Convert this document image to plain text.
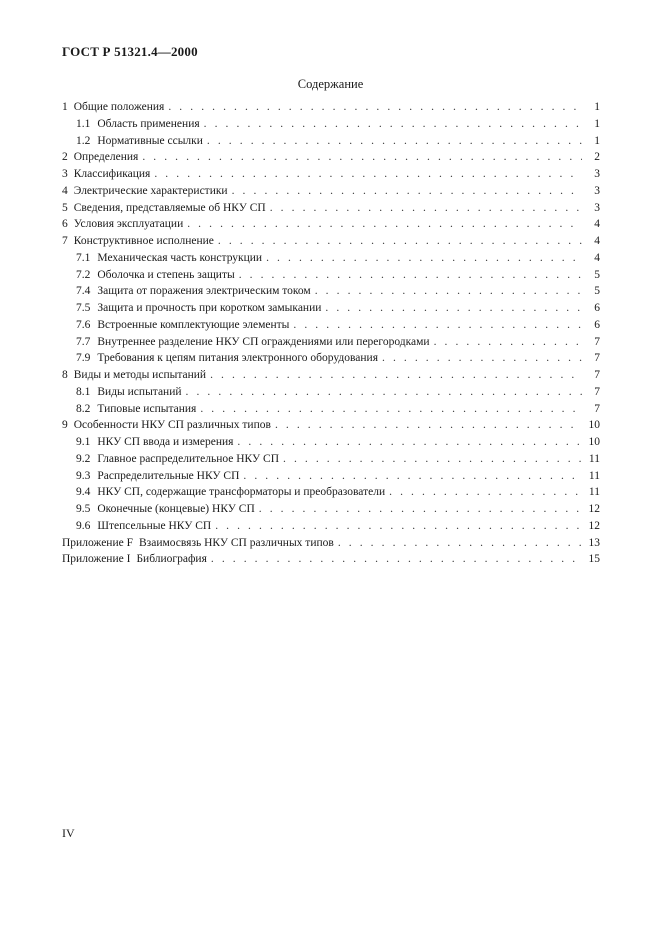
ГОСТ Р 51321.4—2000
Содержание
1 Общие положения . . .	1
1.1 Область применения . . .	1
1.2 Нормативные ссылки . . .	1
2 Определения . . .	2
3 Классификация . . .	3
4 Электрические характеристики . . .	3
5 Сведения, представляемые об НКУ СП . . .	3
6 Условия эксплуатации . . .	4
7 Конструктивное исполнение . . .	4
7.1 Механическая часть конструкции . . .	4
7.2 Оболочка и степень защиты . . .	5
7.4 Защита от поражения электрическим током . . .	5
7.5 Защита и прочность при коротком замыкании . . .	6
7.6 Встроенные комплектующие элементы . . .	6
7.7 Внутреннее разделение НКУ СП ограждениями или перегородками . . .	7
7.9 Требования к цепям питания электронного оборудования . . .	7
8 Виды и методы испытаний . . .	7
8.1 Виды испытаний . . .	7
8.2 Типовые испытания . . .	7
9 Особенности НКУ СП различных типов . . .	10
9.1 НКУ СП ввода и измерения . . .	10
9.2 Главное распределительное НКУ СП . . .	11
9.3 Распределительные НКУ СП . . .	11
9.4 НКУ СП, содержащие трансформаторы и преобразователи . . .	11
9.5 Оконечные (концевые) НКУ СП . . .	12
9.6 Штепсельные НКУ СП . . .	12
Приложение F Взаимосвязь НКУ СП различных типов . . .	13
Приложение I Библиография . . .	15
IV
